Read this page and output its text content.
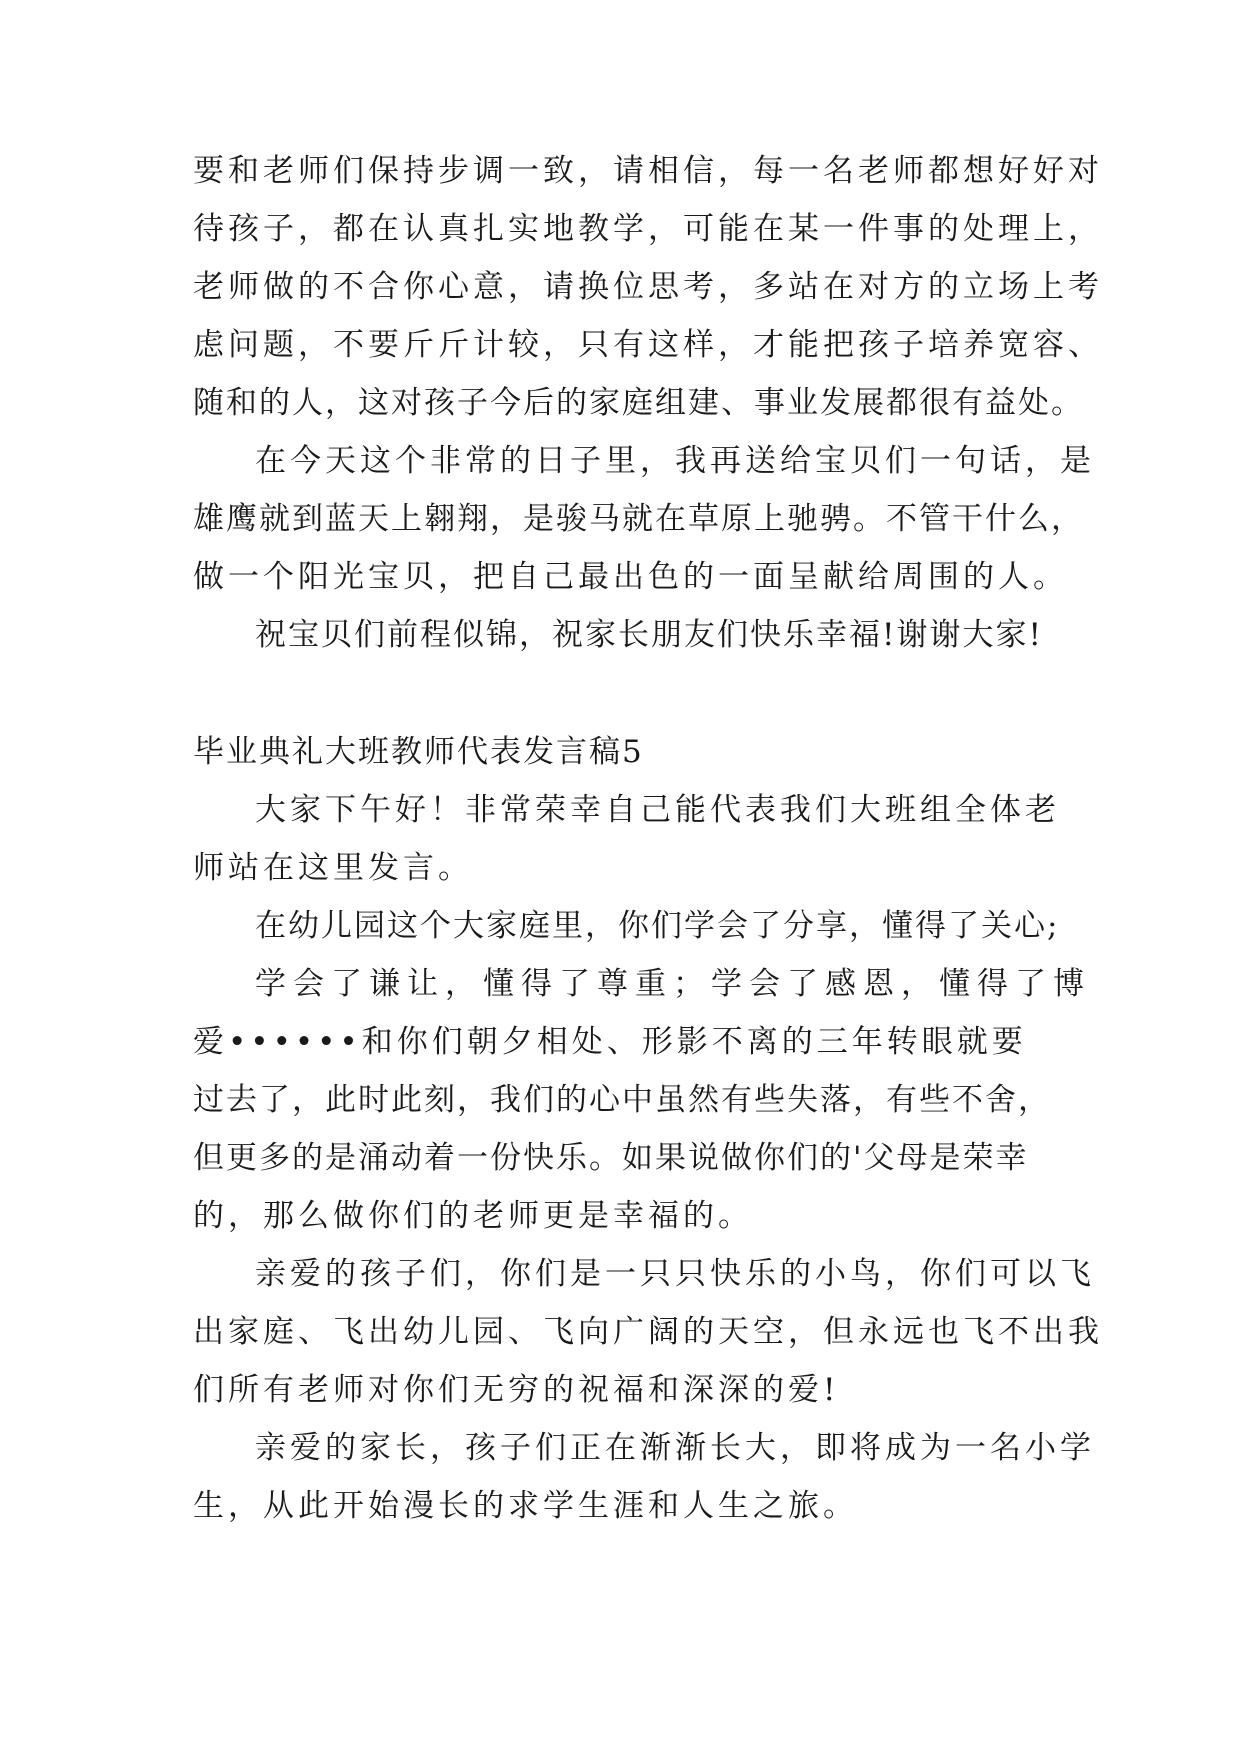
要和老师们保持步调一致，请相信，每一名老师都想好好对
待孩子，都在认真扎实地教学，可能在某一件事的处理上，
老师做的不合你心意，请换位思考，多站在对方的立场上考
虑问题，不要斤斤计较，只有这样，才能把孩子培养宽容、
随和的人，这对孩子今后的家庭组建、事业发展都很有益处。
在今天这个非常的日子里，我再送给宝贝们一句话，是
雄鹰就到蓝天上翱翔，是骏马就在草原上驰骋。不管干什么，
做一个阳光宝贝，把自己最出色的一面呈献给周围的人。
祝宝贝们前程似锦，祝家长朋友们快乐幸福!谢谢大家!
毕业典礼大班教师代表发言稿5
大家下午好！非常荣幸自己能代表我们大班组全体老
师站在这里发言。
在幼儿园这个大家庭里，你们学会了分享，懂得了关心;
学会了谦让，懂得了尊重；学会了感恩，懂得了博
爱••••••和你们朝夕相处、形影不离的三年转眼就要
过去了，此时此刻，我们的心中虽然有些失落，有些不舍，
但更多的是涌动着一份快乐。如果说做你们的'父母是荣幸
的，那么做你们的老师更是幸福的。
亲爱的孩子们，你们是一只只快乐的小鸟，你们可以飞
出家庭、飞出幼儿园、飞向广阔的天空，但永远也飞不出我
们所有老师对你们无穷的祝福和深深的爱!
亲爱的家长，孩子们正在渐渐长大，即将成为一名小学
生，从此开始漫长的求学生涯和人生之旅。
